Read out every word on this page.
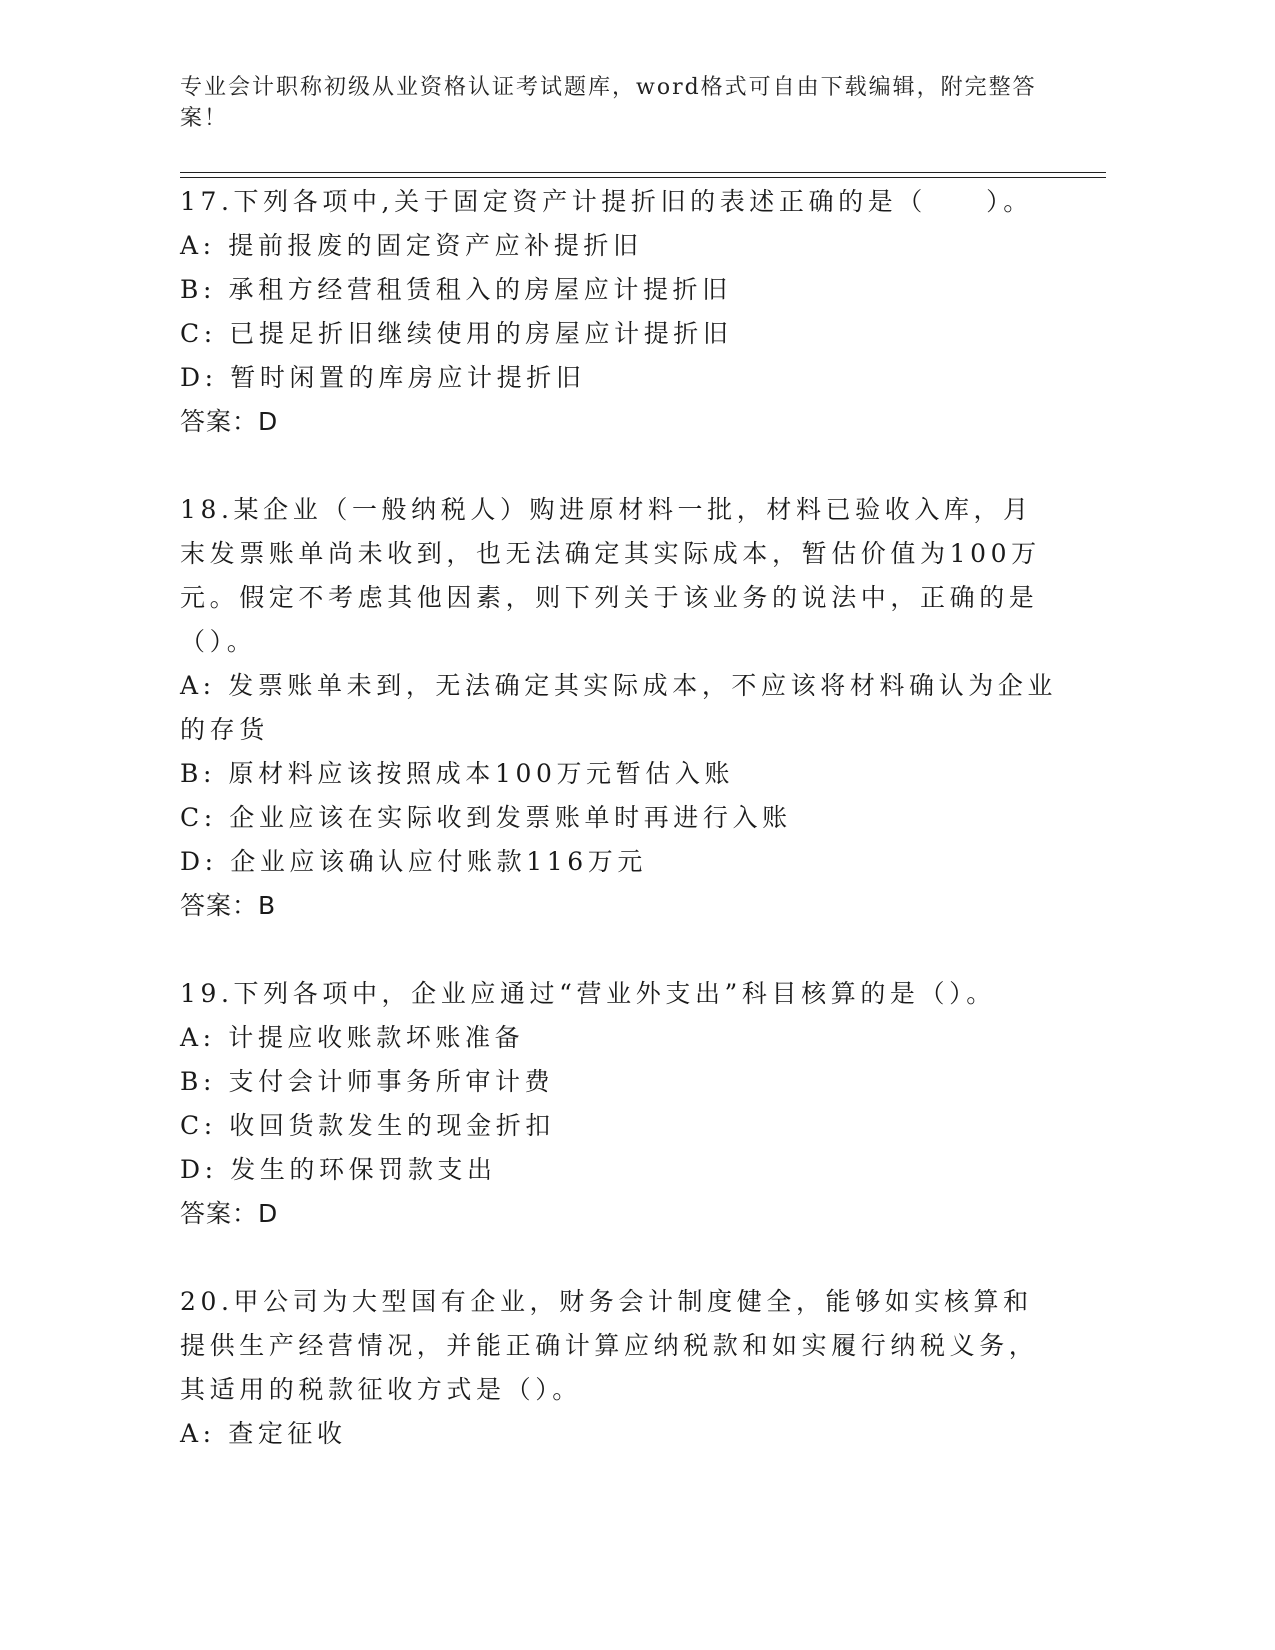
专业会计职称初级从业资格认证考试题库，word格式可自由下载编辑，附完整答案！
17.下列各项中,关于固定资产计提折旧的表述正确的是（　　）。
A: 提前报废的固定资产应补提折旧
B: 承租方经营租赁租入的房屋应计提折旧
C: 已提足折旧继续使用的房屋应计提折旧
D: 暂时闲置的库房应计提折旧
答案：D
18.某企业（一般纳税人）购进原材料一批，材料已验收入库，月末发票账单尚未收到，也无法确定其实际成本，暂估价值为100万元。假定不考虑其他因素，则下列关于该业务的说法中，正确的是（）。
A: 发票账单未到，无法确定其实际成本，不应该将材料确认为企业的存货
B: 原材料应该按照成本100万元暂估入账
C: 企业应该在实际收到发票账单时再进行入账
D: 企业应该确认应付账款116万元
答案：B
19.下列各项中，企业应通过“营业外支出”科目核算的是（）。
A: 计提应收账款坏账准备
B: 支付会计师事务所审计费
C: 收回货款发生的现金折扣
D: 发生的环保罚款支出
答案：D
20.甲公司为大型国有企业，财务会计制度健全，能够如实核算和提供生产经营情况，并能正确计算应纳税款和如实履行纳税义务，其适用的税款征收方式是（）。
A: 查定征收
